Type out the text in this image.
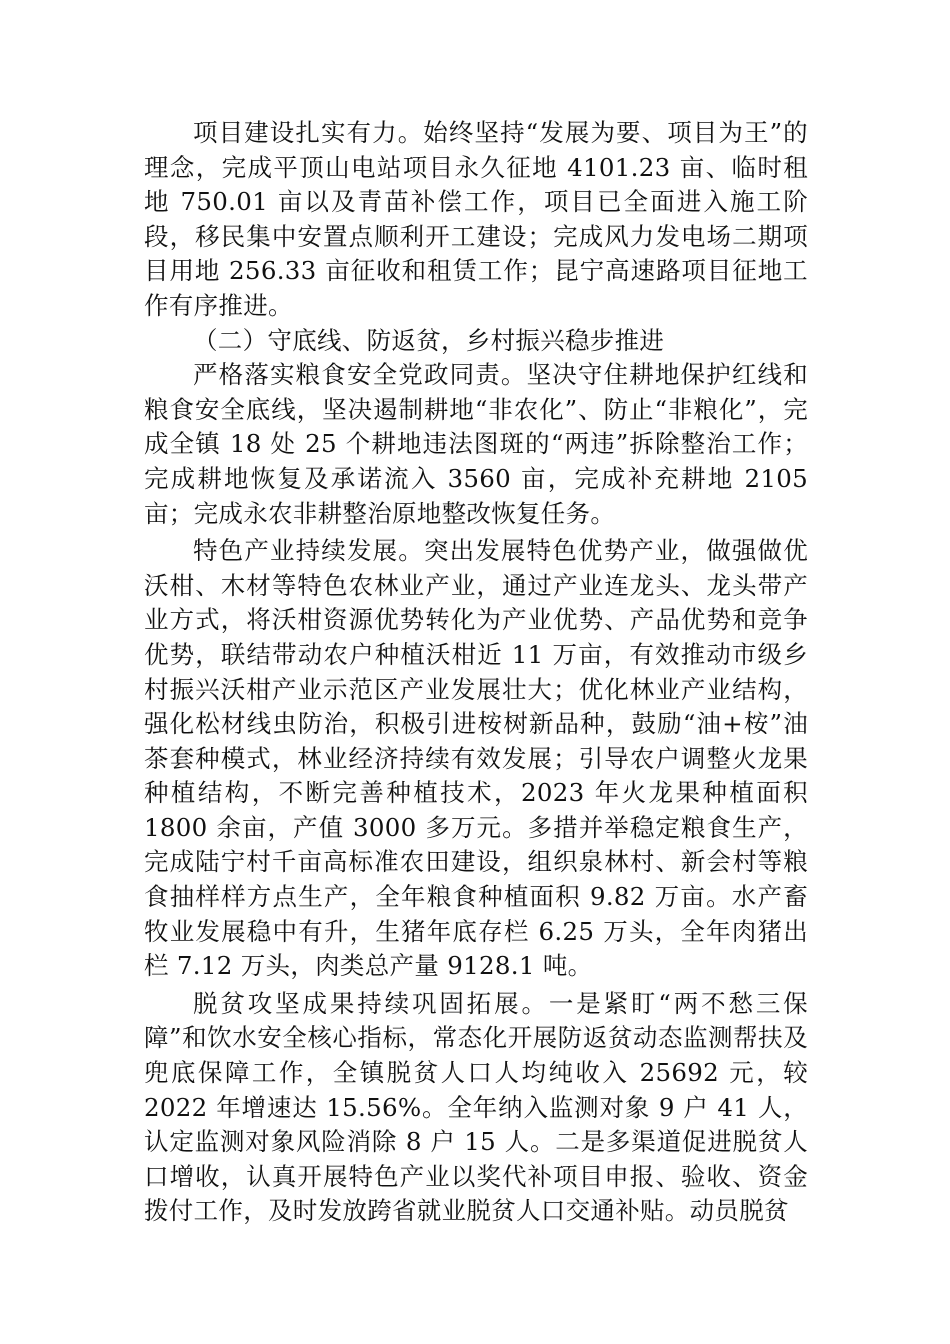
项目建设扎实有力。始终坚持“发展为要、项目为王”的理念，完成平顶山电站项目永久征地 4101.23 亩、临时租地 750.01 亩以及青苗补偿工作，项目已全面进入施工阶段，移民集中安置点顺利开工建设；完成风力发电场二期项目用地 256.33 亩征收和租赁工作；昆宁高速路项目征地工作有序推进。

（二）守底线、防返贫，乡村振兴稳步推进

严格落实粮食安全党政同责。坚决守住耕地保护红线和粮食安全底线，坚决遏制耕地“非农化”、防止“非粮化”，完成全镇 18 处 25 个耕地违法图斑的“两违”拆除整治工作；完成耕地恢复及承诺流入 3560 亩，完成补充耕地 2105 亩；完成永农非耕整治原地整改恢复任务。

特色产业持续发展。突出发展特色优势产业，做强做优沃柑、木材等特色农林业产业，通过产业连龙头、龙头带产业方式，将沃柑资源优势转化为产业优势、产品优势和竞争优势，联结带动农户种植沃柑近 11 万亩，有效推动市级乡村振兴沃柑产业示范区产业发展壮大；优化林业产业结构，强化松材线虫防治，积极引进桉树新品种，鼓励“油+桉”油茶套种模式，林业经济持续有效发展；引导农户调整火龙果种植结构，不断完善种植技术，2023 年火龙果种植面积 1800 余亩，产值 3000 多万元。多措并举稳定粮食生产，完成陆宁村千亩高标准农田建设，组织泉林村、新会村等粮食抽样样方点生产，全年粮食种植面积 9.82 万亩。水产畜牧业发展稳中有升，生猪年底存栏 6.25 万头，全年肉猪出栏 7.12 万头，肉类总产量 9128.1 吨。

脱贫攻坚成果持续巩固拓展。一是紧盯“两不愁三保障”和饮水安全核心指标，常态化开展防返贫动态监测帮扶及兜底保障工作，全镇脱贫人口人均纯收入 25692 元，较 2022 年增速达 15.56%。全年纳入监测对象 9 户 41 人，认定监测对象风险消除 8 户 15 人。二是多渠道促进脱贫人口增收，认真开展特色产业以奖代补项目申报、验收、资金拨付工作，及时发放跨省就业脱贫人口交通补贴。动员脱贫
